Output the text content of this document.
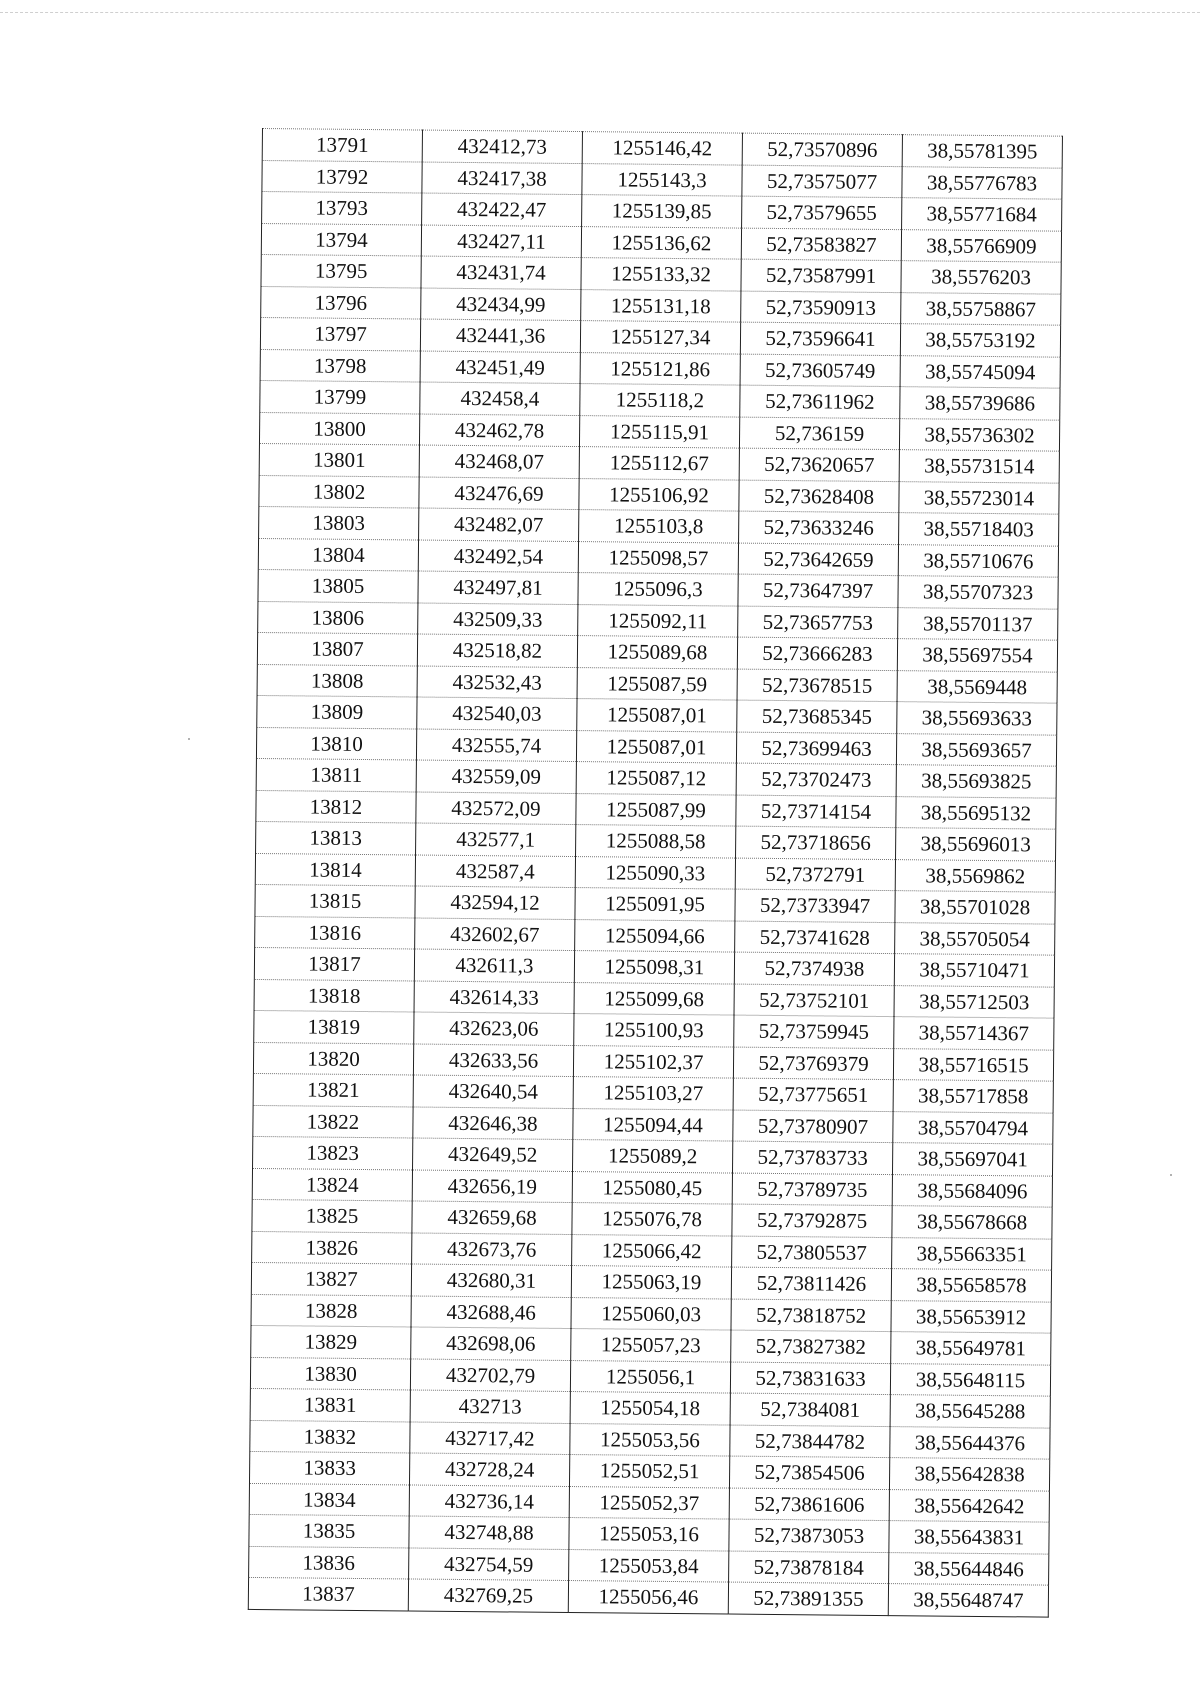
13791	432412,73	1255146,42	52,73570896	38,55781395
13792	432417,38	1255143,3	52,73575077	38,55776783
13793	432422,47	1255139,85	52,73579655	38,55771684
13794	432427,11	1255136,62	52,73583827	38,55766909
13795	432431,74	1255133,32	52,73587991	38,5576203
13796	432434,99	1255131,18	52,73590913	38,55758867
13797	432441,36	1255127,34	52,73596641	38,55753192
13798	432451,49	1255121,86	52,73605749	38,55745094
13799	432458,4	1255118,2	52,73611962	38,55739686
13800	432462,78	1255115,91	52,736159	38,55736302
13801	432468,07	1255112,67	52,73620657	38,55731514
13802	432476,69	1255106,92	52,73628408	38,55723014
13803	432482,07	1255103,8	52,73633246	38,55718403
13804	432492,54	1255098,57	52,73642659	38,55710676
13805	432497,81	1255096,3	52,73647397	38,55707323
13806	432509,33	1255092,11	52,73657753	38,55701137
13807	432518,82	1255089,68	52,73666283	38,55697554
13808	432532,43	1255087,59	52,73678515	38,5569448
13809	432540,03	1255087,01	52,73685345	38,55693633
13810	432555,74	1255087,01	52,73699463	38,55693657
13811	432559,09	1255087,12	52,73702473	38,55693825
13812	432572,09	1255087,99	52,73714154	38,55695132
13813	432577,1	1255088,58	52,73718656	38,55696013
13814	432587,4	1255090,33	52,7372791	38,5569862
13815	432594,12	1255091,95	52,73733947	38,55701028
13816	432602,67	1255094,66	52,73741628	38,55705054
13817	432611,3	1255098,31	52,7374938	38,55710471
13818	432614,33	1255099,68	52,73752101	38,55712503
13819	432623,06	1255100,93	52,73759945	38,55714367
13820	432633,56	1255102,37	52,73769379	38,55716515
13821	432640,54	1255103,27	52,73775651	38,55717858
13822	432646,38	1255094,44	52,73780907	38,55704794
13823	432649,52	1255089,2	52,73783733	38,55697041
13824	432656,19	1255080,45	52,73789735	38,55684096
13825	432659,68	1255076,78	52,73792875	38,55678668
13826	432673,76	1255066,42	52,73805537	38,55663351
13827	432680,31	1255063,19	52,73811426	38,55658578
13828	432688,46	1255060,03	52,73818752	38,55653912
13829	432698,06	1255057,23	52,73827382	38,55649781
13830	432702,79	1255056,1	52,73831633	38,55648115
13831	432713	1255054,18	52,7384081	38,55645288
13832	432717,42	1255053,56	52,73844782	38,55644376
13833	432728,24	1255052,51	52,73854506	38,55642838
13834	432736,14	1255052,37	52,73861606	38,55642642
13835	432748,88	1255053,16	52,73873053	38,55643831
13836	432754,59	1255053,84	52,73878184	38,55644846
13837	432769,25	1255056,46	52,73891355	38,55648747
